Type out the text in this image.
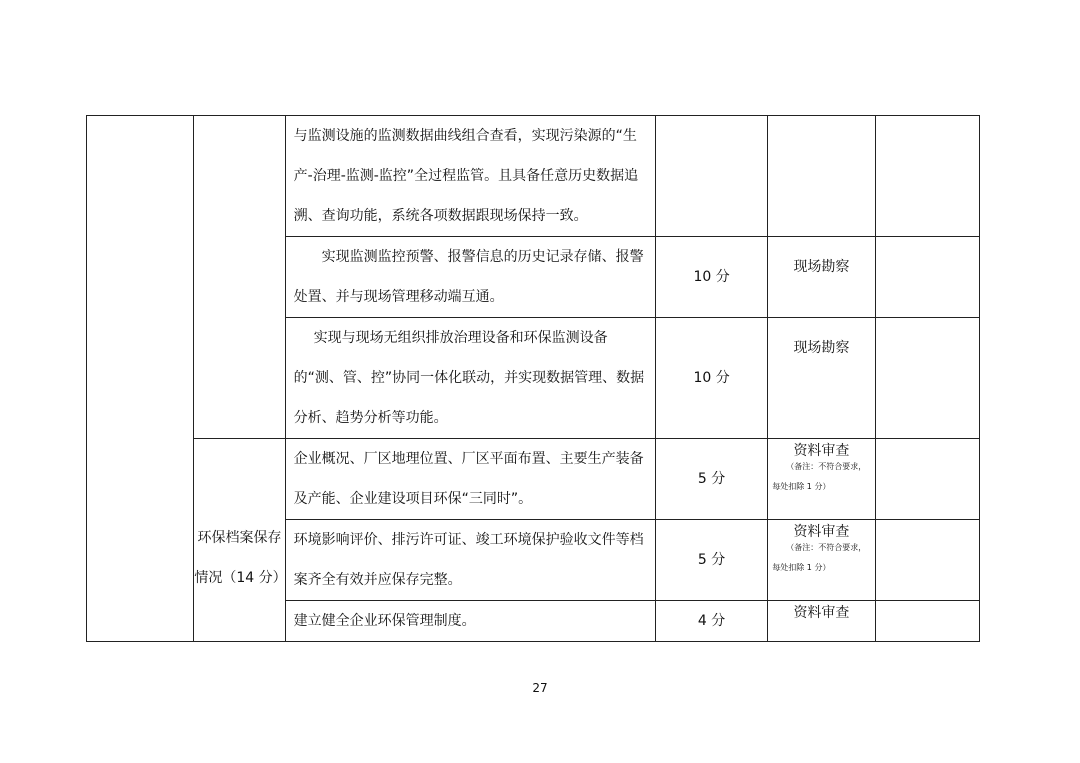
		与监测设施的监测数据曲线组合查看，实现污染源的“生产-治理-监测-监控”全过程监管。且具备任意历史数据追溯、查询功能，系统各项数据跟现场保持一致。			
		实现监测监控预警、报警信息的历史记录存储、报警处置、并与现场管理移动端互通。	10 分	现场勘察	

		实现与现场无组织排放治理设备和环保监测设备的“测、管、控”协同一体化联动，并实现数据管理、数据分析、趋势分析等功能。	10 分	现场勘察	

	环保档案保存情况（14 分）	企业概况、厂区地理位置、厂区平面布置、主要生产装备及产能、企业建设项目环保“三同时”。	5 分	资料审查
（备注：不符合要求，
每处扣除 1 分）	

		环境影响评价、排污许可证、竣工环境保护验收文件等档案齐全有效并应保存完整。	5 分	资料审查
（备注：不符合要求，
每处扣除 1 分）	

		建立健全企业环保管理制度。	4 分	资料审查	

27
